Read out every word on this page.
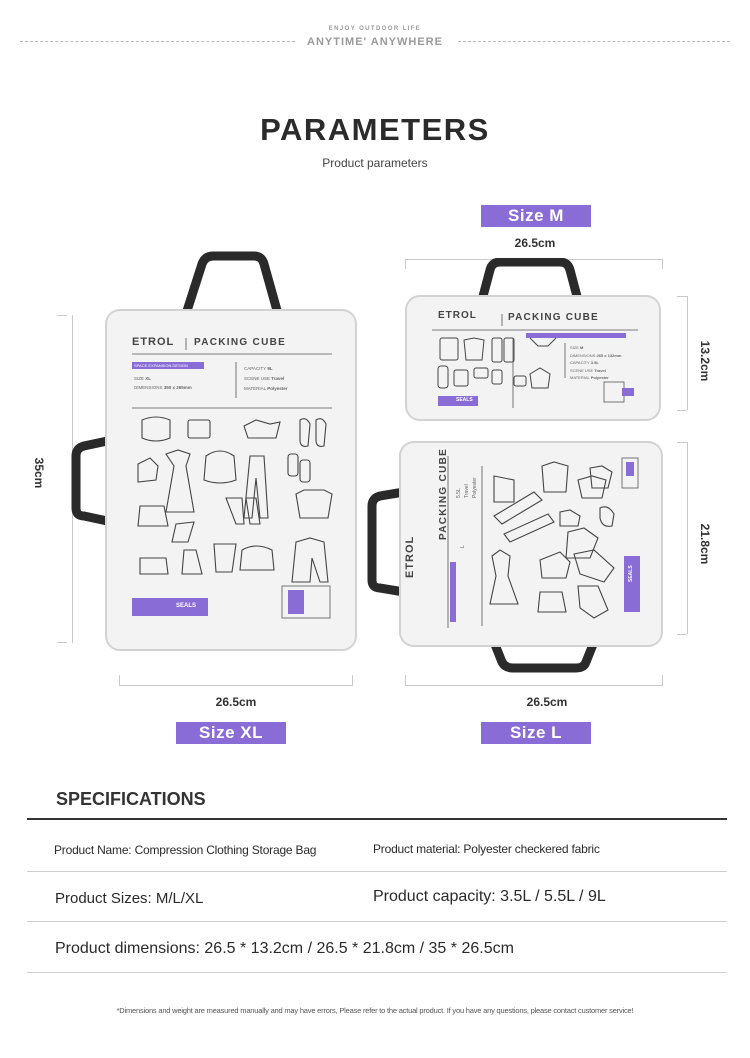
ENJOY OUTDOOR LIFE
ANYTIME' ANYWHERE
PARAMETERS
Product parameters
Size M
26.5cm
13.2cm
ETROL	PACKING CUBE
SIZE M
DIMENSIONS 265 x 132mm
CAPACITY 3.5L
SCENE USE Travel
MATERIAL Polyester
SEALS
35cm
ETROL PACKING CUBE
SPACE EXPANSION DESIGN
SIZE XL
DIMENSIONS 350 x 265mm
CAPACITY 9L
SCENE USE Travel
MATERIAL Polyester
SEALS
26.5cm
Size XL
21.8cm
ETROL
PACKING CUBE 5.5L Travel Polyester
L
SEALS
26.5cm
Size L
SPECIFICATIONS
Product Name: Compression Clothing Storage Bag	Product material: Polyester checkered fabric
Product Sizes: M/L/XL	Product capacity: 3.5L / 5.5L / 9L
Product dimensions: 26.5 * 13.2cm / 26.5 * 21.8cm / 35 * 26.5cm
*Dimensions and weight are measured manually and may have errors, Please refer to the actual product. If you have any questions, please contact customer service!
